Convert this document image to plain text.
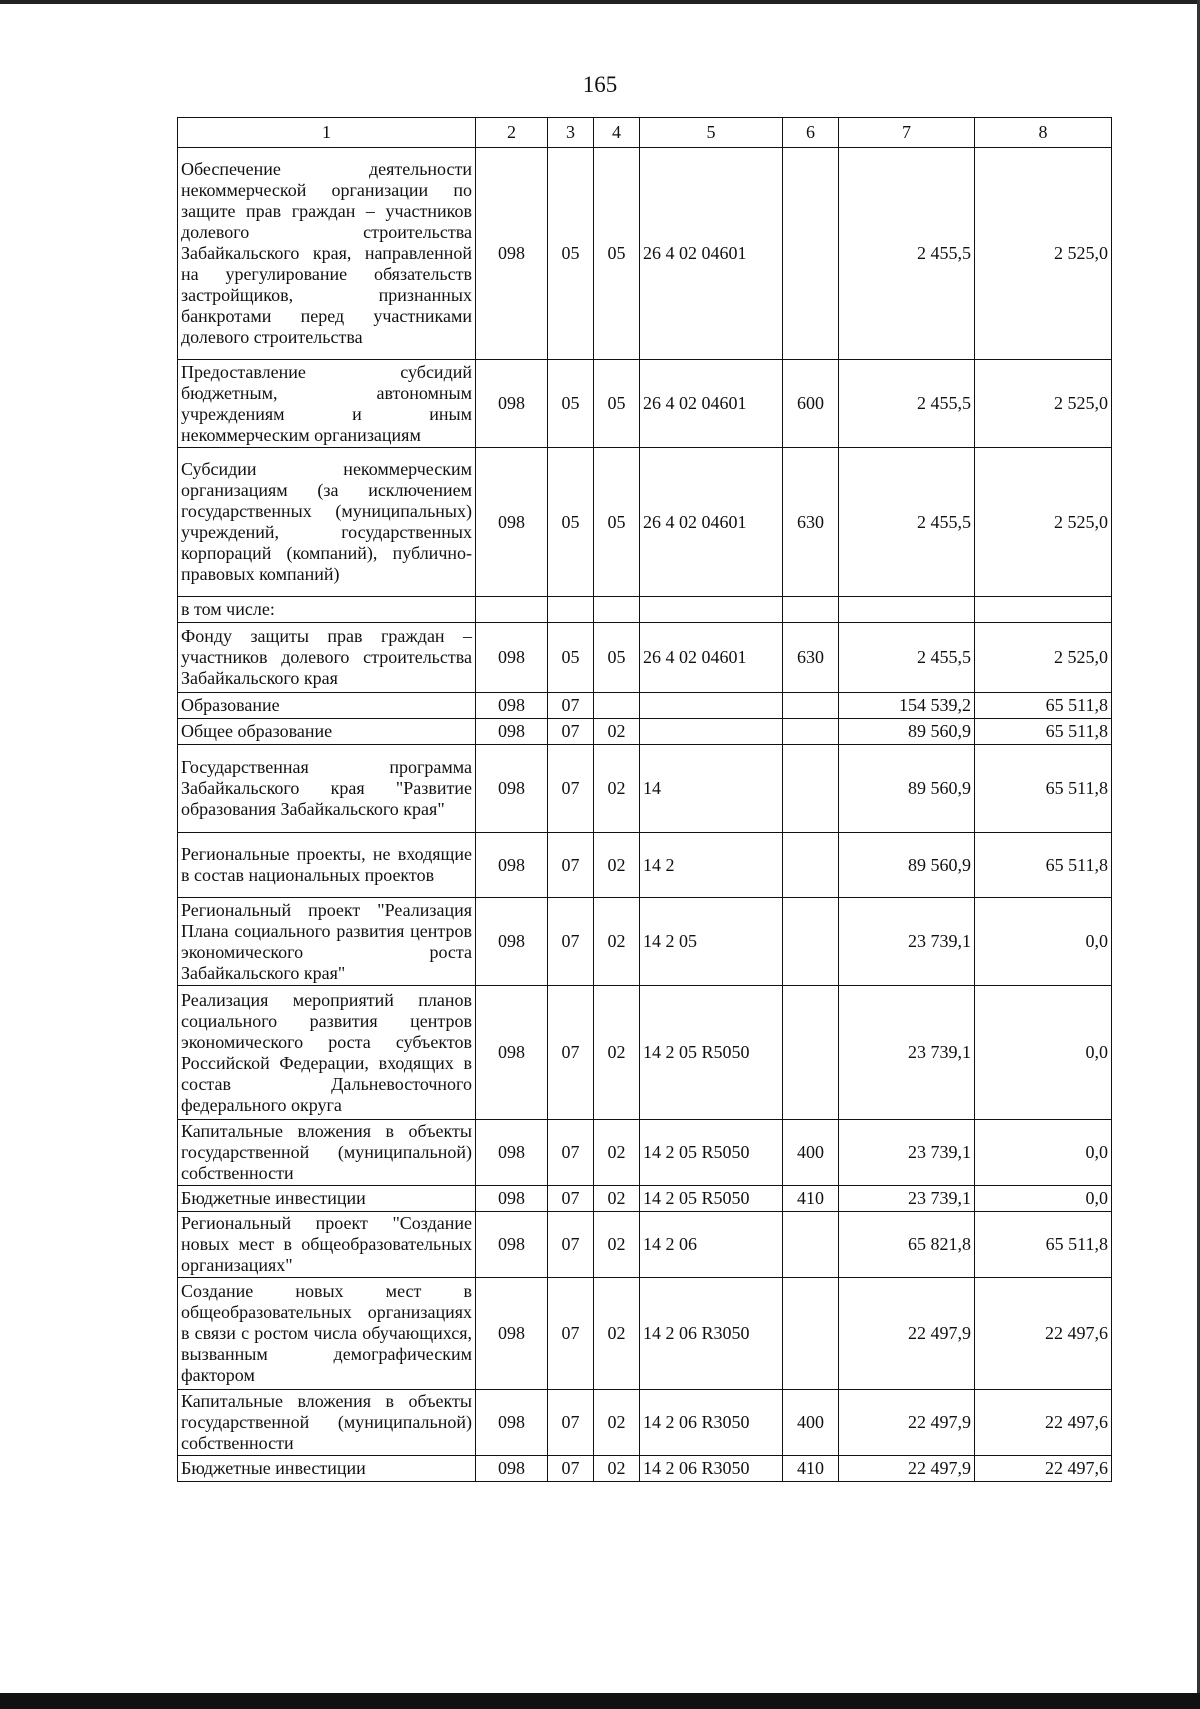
165
1	2	3	4	5	6	7	8
Обеспечение деятельности некоммерческой организации по защите прав граждан – участников долевого строительства Забайкальского края, направленной на урегулирование обязательств застройщиков, признанных банкротами перед участниками долевого строительства	098	05	05	26 4 02 04601		2 455,5	2 525,0
Предоставление субсидий бюджетным, автономным учреждениям и иным некоммерческим организациям	098	05	05	26 4 02 04601	600	2 455,5	2 525,0
Субсидии некоммерческим организациям (за исключением государственных (муниципальных) учреждений, государственных корпораций (компаний), публично-правовых компаний)	098	05	05	26 4 02 04601	630	2 455,5	2 525,0
в том числе:							
Фонду защиты прав граждан – участников долевого строительства Забайкальского края	098	05	05	26 4 02 04601	630	2 455,5	2 525,0
Образование	098	07				154 539,2	65 511,8
Общее образование	098	07	02			89 560,9	65 511,8
Государственная программа Забайкальского края "Развитие образования Забайкальского края"	098	07	02	14		89 560,9	65 511,8
Региональные проекты, не входящие в состав национальных проектов	098	07	02	14 2		89 560,9	65 511,8
Региональный проект "Реализация Плана социального развития центров экономического роста Забайкальского края"	098	07	02	14 2 05		23 739,1	0,0
Реализация мероприятий планов социального развития центров экономического роста субъектов Российской Федерации, входящих в состав Дальневосточного федерального округа	098	07	02	14 2 05 R5050		23 739,1	0,0
Капитальные вложения в объекты государственной (муниципальной) собственности	098	07	02	14 2 05 R5050	400	23 739,1	0,0
Бюджетные инвестиции	098	07	02	14 2 05 R5050	410	23 739,1	0,0
Региональный проект "Создание новых мест в общеобразовательных организациях"	098	07	02	14 2 06		65 821,8	65 511,8
Создание новых мест в общеобразовательных организациях в связи с ростом числа обучающихся, вызванным демографическим фактором	098	07	02	14 2 06 R3050		22 497,9	22 497,6
Капитальные вложения в объекты государственной (муниципальной) собственности	098	07	02	14 2 06 R3050	400	22 497,9	22 497,6
Бюджетные инвестиции	098	07	02	14 2 06 R3050	410	22 497,9	22 497,6
